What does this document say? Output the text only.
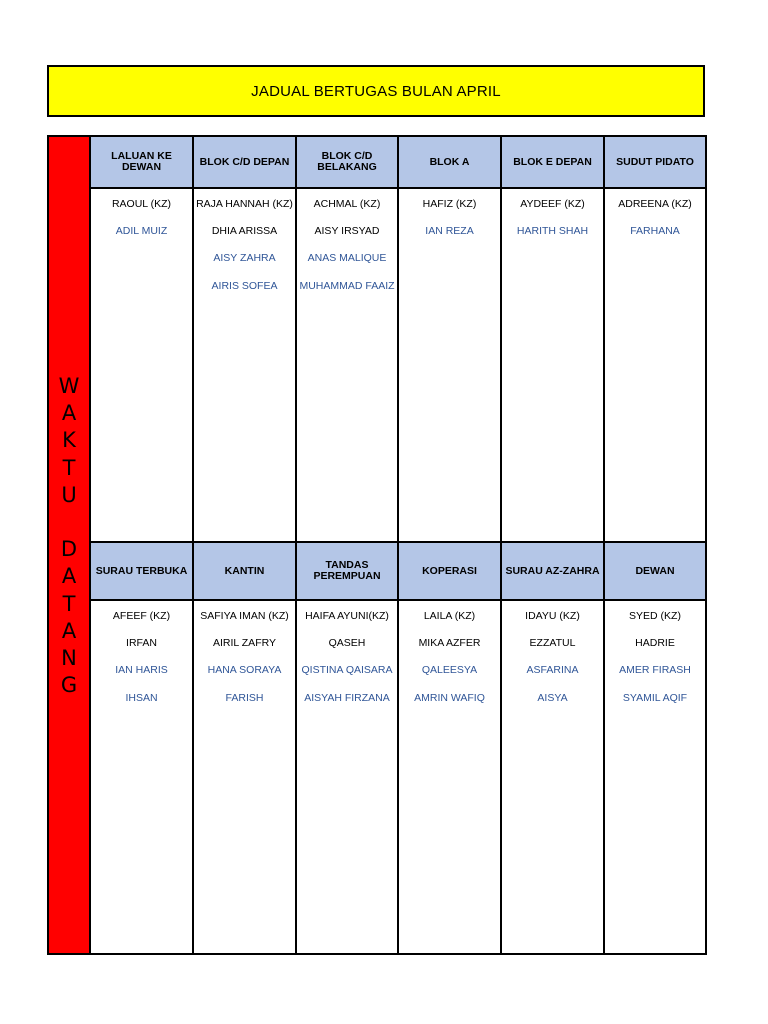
JADUAL BERTUGAS BULAN APRIL
W
A
K
T
U
D
A
T
A
N
G
LALUAN KE DEWAN
RAOUL (KZ)
ADIL MUIZ
BLOK C/D DEPAN
RAJA HANNAH (KZ)
DHIA ARISSA
AISY ZAHRA
AIRIS SOFEA
BLOK C/D BELAKANG
ACHMAL (KZ)
AISY IRSYAD
ANAS MALIQUE
MUHAMMAD FAAIZ
BLOK A
HAFIZ (KZ)
IAN REZA
BLOK E DEPAN
AYDEEF (KZ)
HARITH SHAH
SUDUT PIDATO
ADREENA (KZ)
FARHANA
SURAU TERBUKA
AFEEF (KZ)
IRFAN
IAN HARIS
IHSAN
KANTIN
SAFIYA IMAN (KZ)
AIRIL ZAFRY
HANA SORAYA
FARISH
TANDAS PEREMPUAN
HAIFA AYUNI(KZ)
QASEH
QISTINA QAISARA
AISYAH FIRZANA
KOPERASI
LAILA (KZ)
MIKA AZFER
QALEESYA
AMRIN WAFIQ
SURAU AZ-ZAHRA
IDAYU (KZ)
EZZATUL
ASFARINA
AISYA
DEWAN
SYED (KZ)
HADRIE
AMER FIRASH
SYAMIL AQIF
